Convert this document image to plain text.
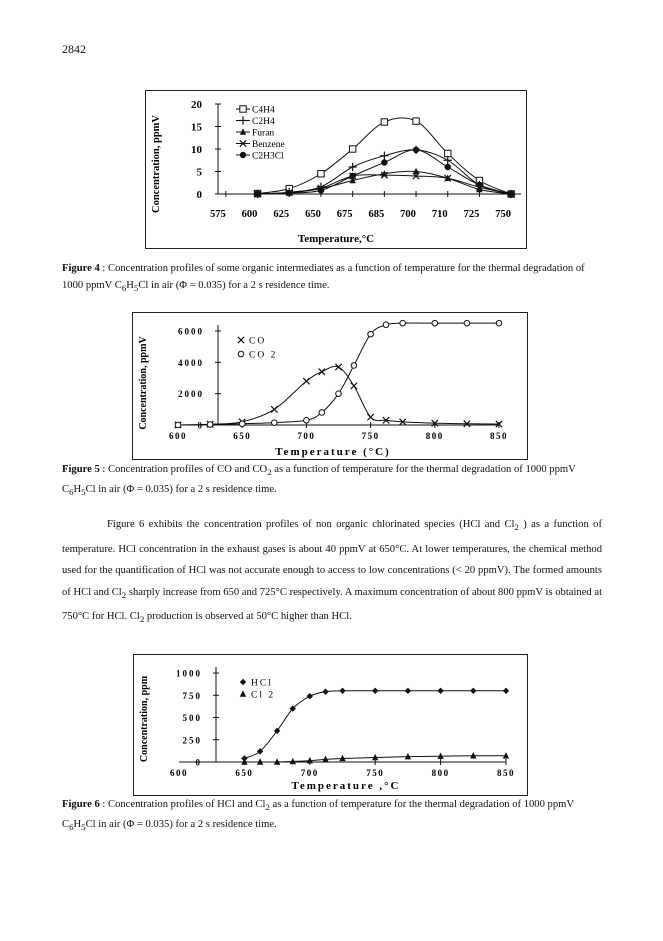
2842
0
5
10
15
20
575 600 625 650 675 685 700 710 725 750
Concentration, ppmV
Temperature,°C
C4H4
C2H4
Furan
Benzene
C2H3Cl
Figure 4 : Concentration profiles of some organic intermediates as a function of temperature for the thermal degradation of 1000 ppmV $C_6H_5Cl$ in air (Φ = 0.035) for a 2 s residence time.
0
2000
4000
6000
600	650	700	750	800	850
Concentration, ppmV
Temperature (°C)
CO
CO 2
Figure 5 : Concentration profiles of CO and $CO_2$ as a function of temperature for the thermal degradation of 1000 ppmV $C_6H_5Cl$ in air (Φ = 0.035) for a 2 s residence time.
Figure 6 exhibits the concentration profiles of non organic chlorinated species (HCl and $Cl_2$ ) as a function of temperature. HCl concentration in the exhaust gases is about 40 ppmV at 650°C. At lower temperatures, the chemical method used for the quantification of HCl was not accurate enough to access to low concentrations (< 20 ppmV). The formed amounts of HCl and $Cl_2$ sharply increase from 650 and 725°C respectively. A maximum concentration of about 800 ppmV is obtained at 750°C for HCl. $Cl_2$ production is observed at 50°C higher than HCl.
0
250
500
750
1000
600	650	700	750	800	850
Concentration, ppm
Temperature ,°C
HCl
Cl 2
Figure 6 : Concentration profiles of HCl and $Cl_2$ as a function of temperature for the thermal degradation of 1000 ppmV $C_6H_5Cl$ in air (Φ = 0.035) for a 2 s residence time.
